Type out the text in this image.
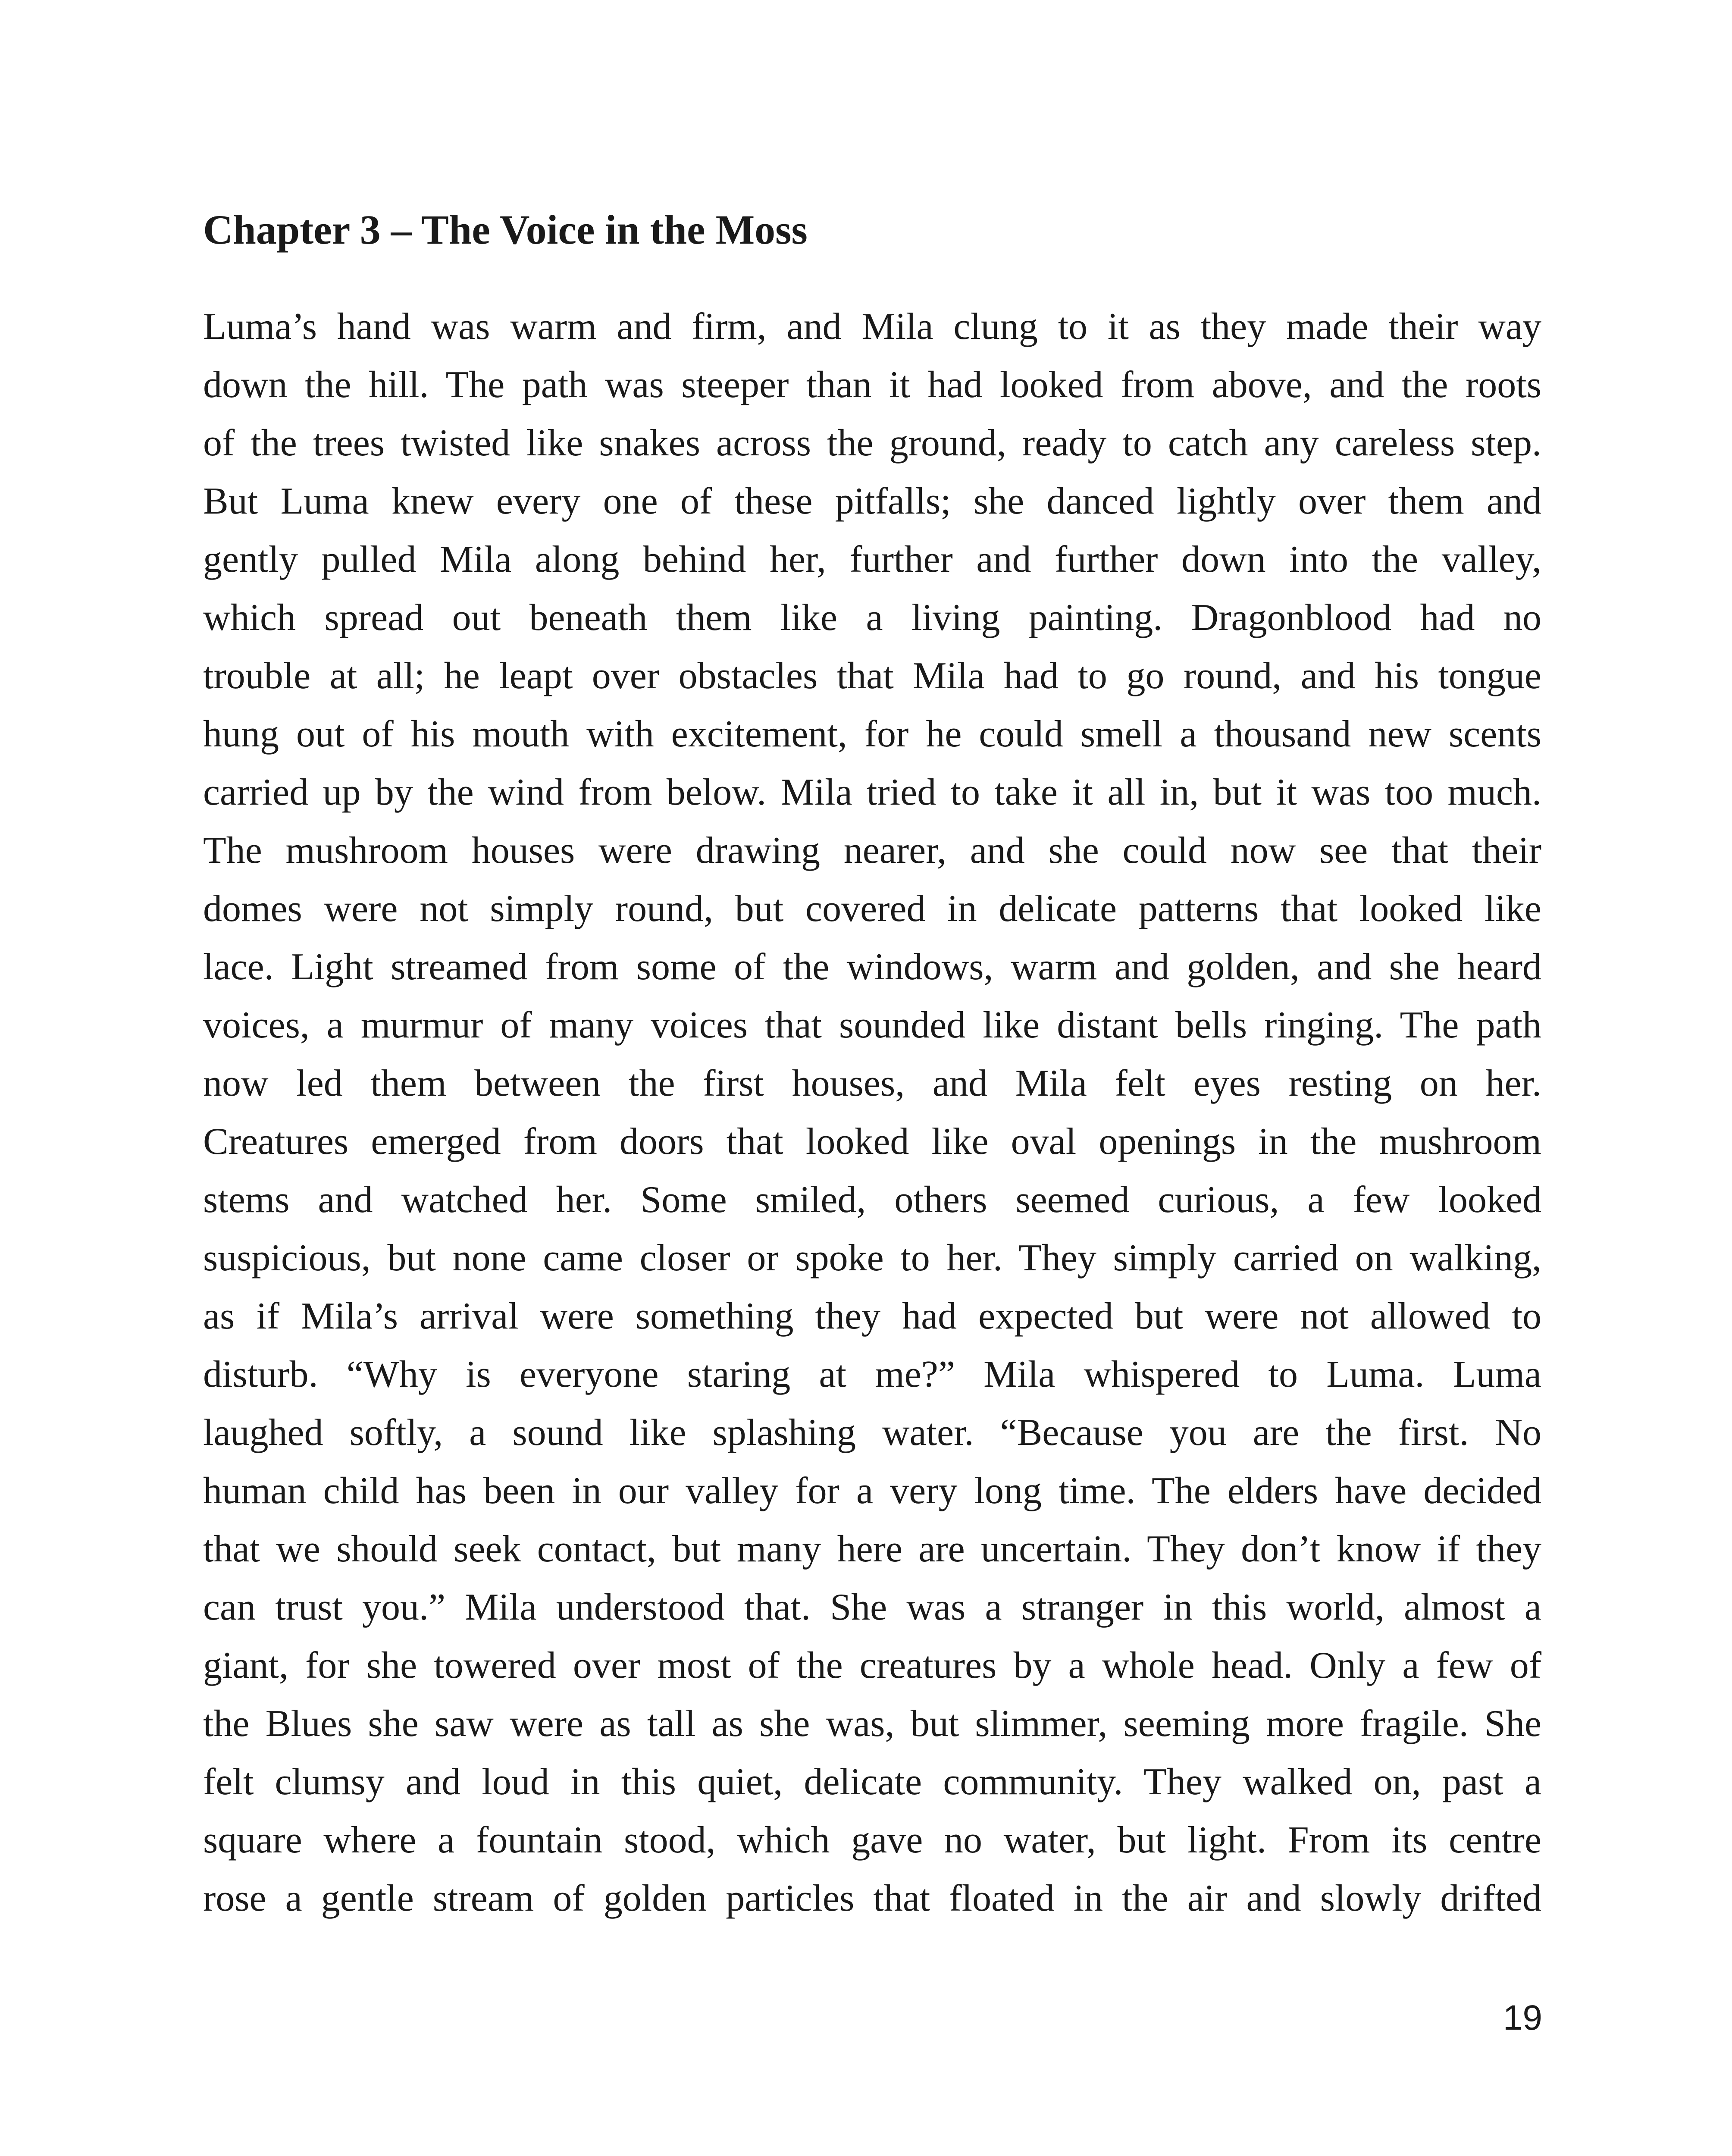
Chapter 3 – The Voice in the Moss
Luma’s hand was warm and firm, and Mila clung to it as they made their way
down the hill. The path was steeper than it had looked from above, and the roots
of the trees twisted like snakes across the ground, ready to catch any careless step.
But Luma knew every one of these pitfalls; she danced lightly over them and
gently pulled Mila along behind her, further and further down into the valley,
which spread out beneath them like a living painting. Dragonblood had no
trouble at all; he leapt over obstacles that Mila had to go round, and his tongue
hung out of his mouth with excitement, for he could smell a thousand new scents
carried up by the wind from below. Mila tried to take it all in, but it was too much.
The mushroom houses were drawing nearer, and she could now see that their
domes were not simply round, but covered in delicate patterns that looked like
lace. Light streamed from some of the windows, warm and golden, and she heard
voices, a murmur of many voices that sounded like distant bells ringing. The path
now led them between the first houses, and Mila felt eyes resting on her.
Creatures emerged from doors that looked like oval openings in the mushroom
stems and watched her. Some smiled, others seemed curious, a few looked
suspicious, but none came closer or spoke to her. They simply carried on walking,
as if Mila’s arrival were something they had expected but were not allowed to
disturb. “Why is everyone staring at me?” Mila whispered to Luma. Luma
laughed softly, a sound like splashing water. “Because you are the first. No
human child has been in our valley for a very long time. The elders have decided
that we should seek contact, but many here are uncertain. They don’t know if they
can trust you.” Mila understood that. She was a stranger in this world, almost a
giant, for she towered over most of the creatures by a whole head. Only a few of
the Blues she saw were as tall as she was, but slimmer, seeming more fragile. She
felt clumsy and loud in this quiet, delicate community. They walked on, past a
square where a fountain stood, which gave no water, but light. From its centre
rose a gentle stream of golden particles that floated in the air and slowly drifted

19
